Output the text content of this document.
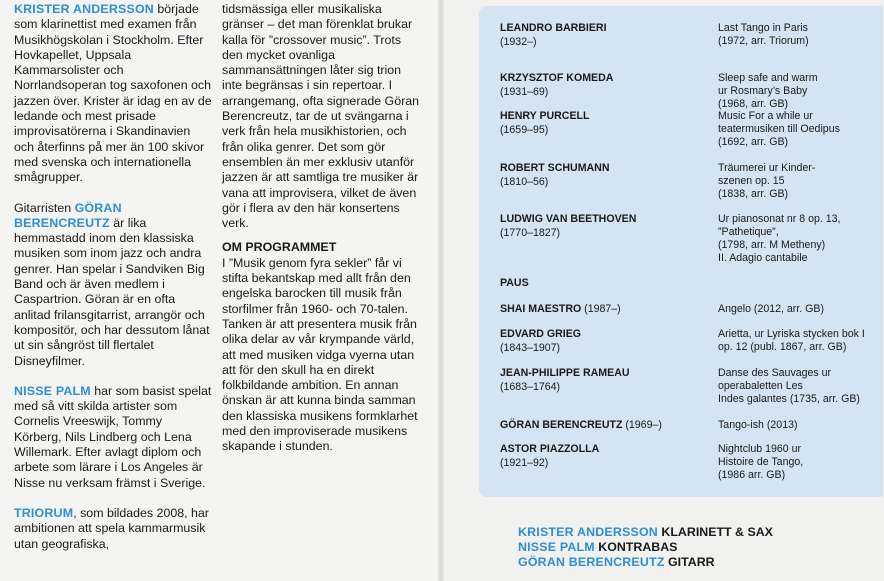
KRISTER ANDERSSON började som klarinettist med examen från Musikhögskolan i Stockholm. Efter Hovkapellet, Uppsala Kammarsolister och Norrlandsoperan tog saxofonen och jazzen över. Krister är idag en av de ledande och mest prisade improvisatörerna i Skandinavien och återfinns på mer än 100 skivor med svenska och internationella smågrupper.

Gitarristen GÖRAN BERENCREUTZ är lika hemmastadd inom den klassiska musiken som inom jazz och andra genrer. Han spelar i Sandviken Big Band och är även medlem i Caspartrion. Göran är en ofta anlitad frilansgitarrist, arrangör och kompositör, och har dessutom lånat ut sin sångröst till flertalet Disneyfilmer.

NISSE PALM har som basist spelat med så vitt skilda artister som Cornelis Vreeswijk, Tommy Körberg, Nils Lindberg och Lena Willemark. Efter avlagt diplom och arbete som lärare i Los Angeles är Nisse nu verksam främst i Sverige.

TRIORUM, som bildades 2008, har ambitionen att spela kammarmusik utan geografiska,

tidsmässiga eller musikaliska gränser – det man förenklat brukar kalla för ”crossover music”. Trots den mycket ovanliga sammansättningen låter sig trion inte begränsas i sin repertoar. I arrangemang, ofta signerade Göran Berencreutz, tar de ut svängarna i verk från hela musikhistorien, och från olika genrer. Det som gör ensemblen än mer exklusiv utanför jazzen är att samtliga tre musiker är vana att improvisera, vilket de även gör i flera av den här konsertens verk.

OM PROGRAMMET
I ”Musik genom fyra sekler” får vi stifta bekantskap med allt från den engelska barocken till musik från storfilmer från 1960- och 70-talen. Tanken är att presentera musik från olika delar av vår krympande värld, att med musiken vidga vyerna utan att för den skull ha en direkt folkbildande ambition. En annan önskan är att kunna binda samman den klassiska musikens formklarhet med den improviserade musikens skapande i stunden.

LEANDRO BARBIERI
(1932–)
Last Tango in Paris
(1972, arr. Triorum)
KRZYSZTOF KOMEDA
(1931–69)
Sleep safe and warm
ur Rosmary’s Baby
(1968, arr. GB)
HENRY PURCELL
(1659–95)
Music For a while ur
teatermusiken till Oedipus
(1692, arr. GB)
ROBERT SCHUMANN
(1810–56)
Träumerei ur Kinder-
szenen op. 15
(1838, arr. GB)
LUDWIG VAN BEETHOVEN
(1770–1827)
Ur pianosonat nr 8 op. 13,
”Pathetique”,
(1798, arr. M Metheny)
II. Adagio cantabile
PAUS
SHAI MAESTRO (1987–)	Angelo (2012, arr. GB)
EDVARD GRIEG
(1843–1907)
Arietta, ur Lyriska stycken bok I
op. 12 (publ. 1867, arr. GB)
JEAN-PHILIPPE RAMEAU
(1683–1764)
Danse des Sauvages ur
operabaletten Les
Indes galantes (1735, arr. GB)
GÖRAN BERENCREUTZ (1969–)	Tango-ish (2013)
ASTOR PIAZZOLLA
(1921–92)
Nightclub 1960 ur
Histoire de Tango,
(1986 arr. GB)
KRISTER ANDERSSON KLARINETT & SAX
NISSE PALM KONTRABAS
GÖRAN BERENCREUTZ GITARR
